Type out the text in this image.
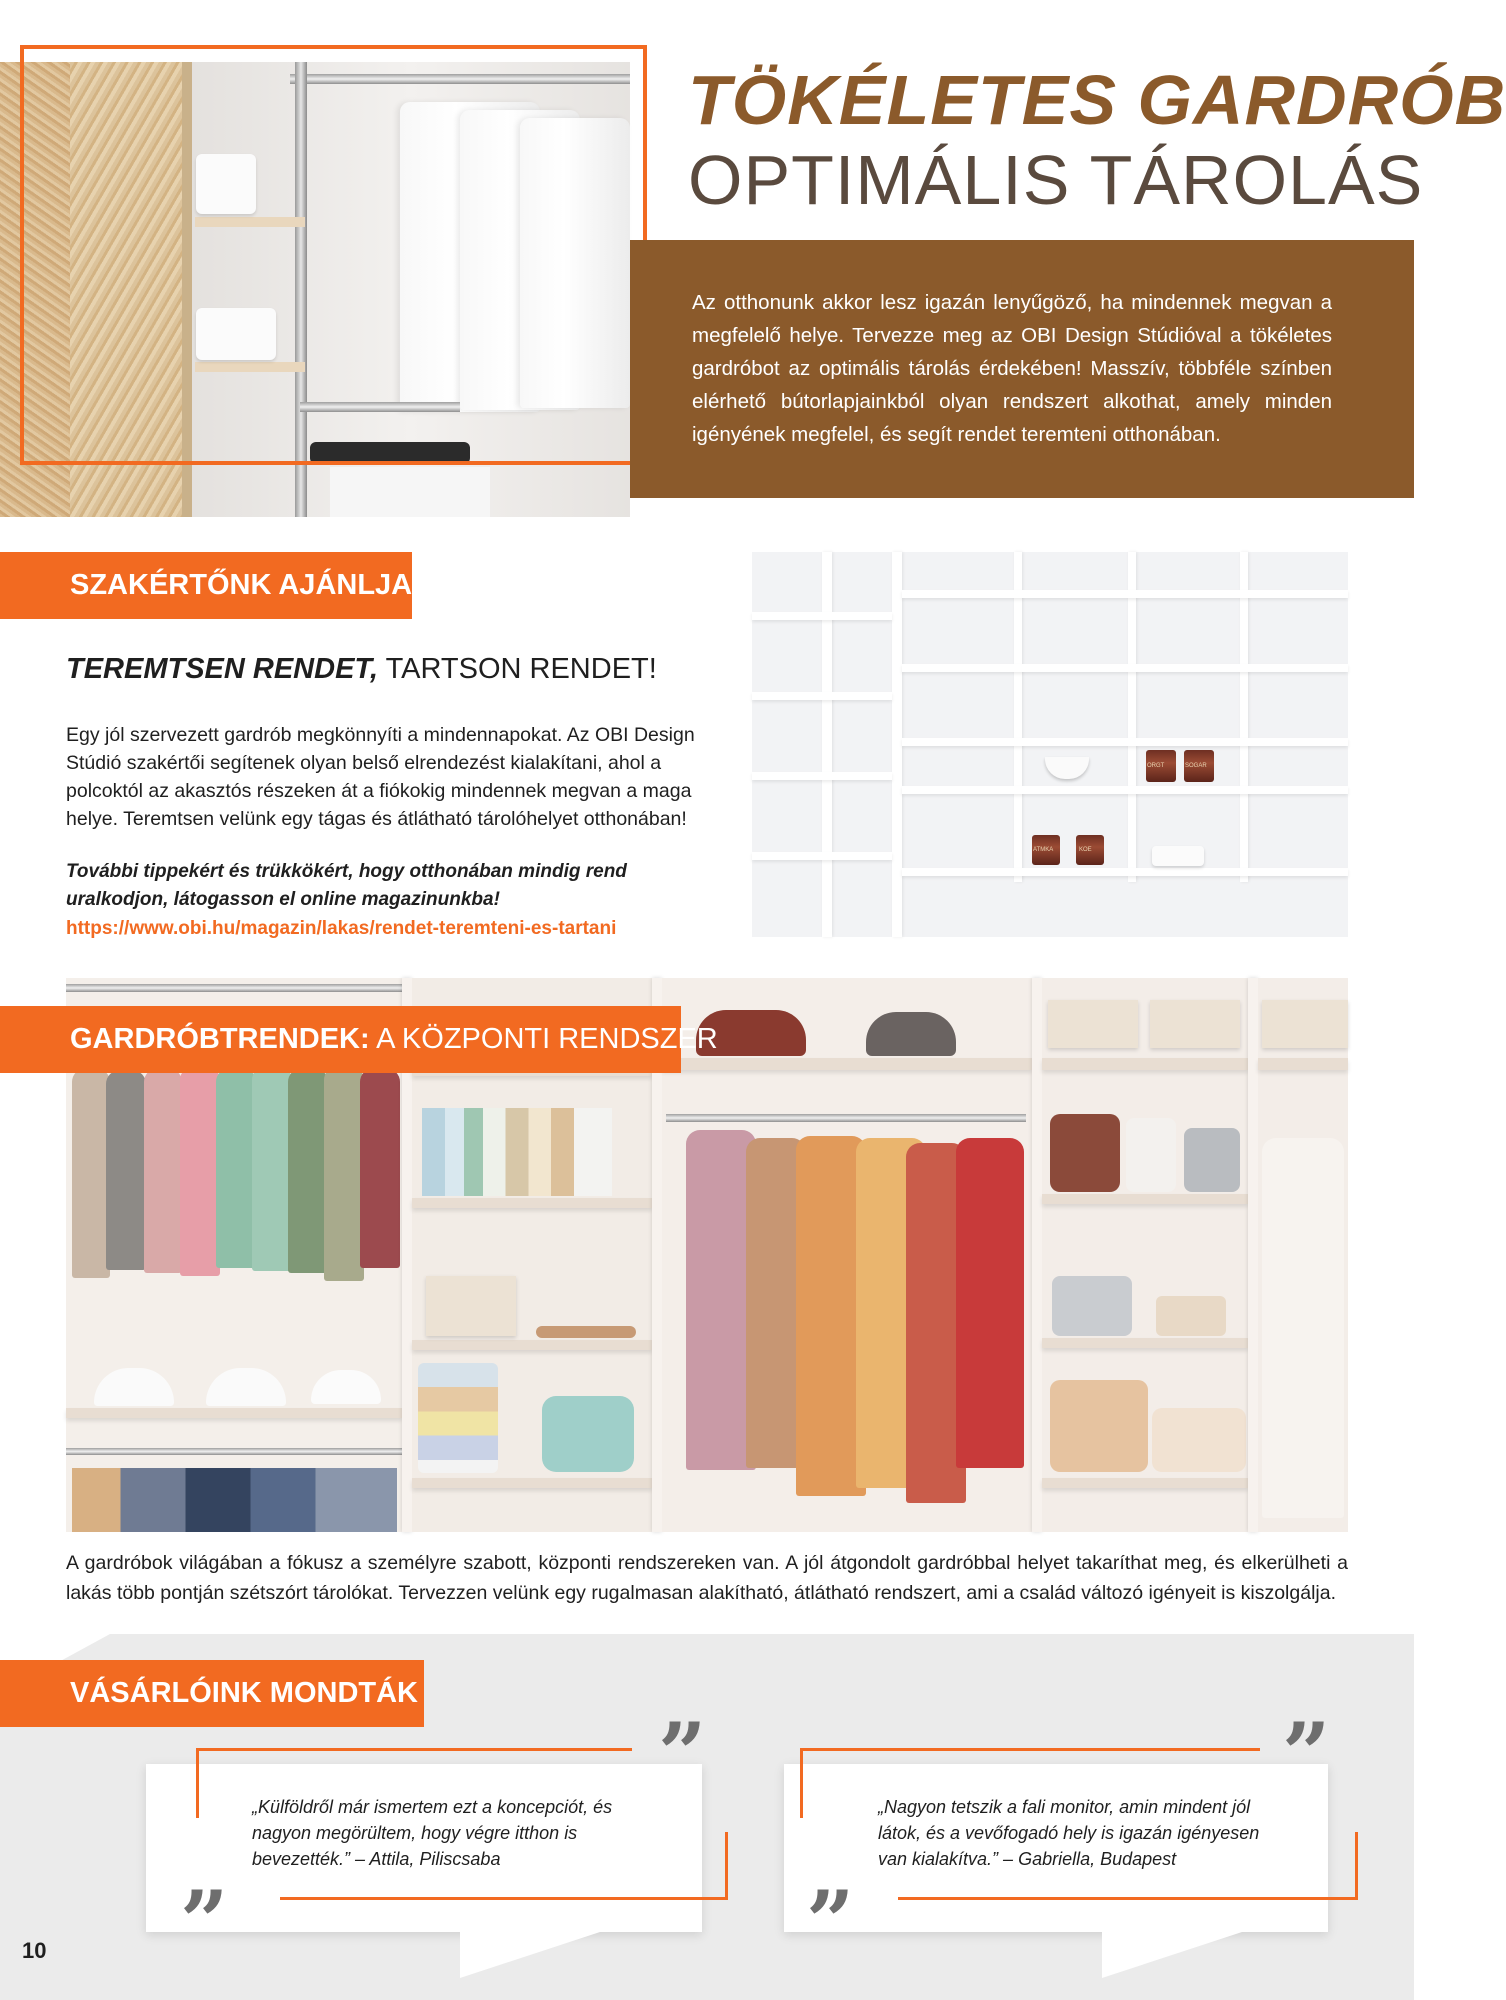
TÖKÉLETES GARDRÓB
OPTIMÁLIS TÁROLÁS
Az otthonunk akkor lesz igazán lenyűgöző, ha mindennek megvan a megfelelő helye. Tervezze meg az OBI Design Stúdióval a tökéletes gardróbot az optimális tárolás érdekében! Masszív, többféle színben elérhető bútorlapjainkból olyan rendszert alkothat, amely minden igényének megfelel, és segít rendet teremteni otthonában.
SZAKÉRTŐNK AJÁNLJA:
TEREMTSEN RENDET, TARTSON RENDET!
Egy jól szervezett gardrób megkönnyíti a mindennapokat. Az OBI Design Stúdió szakértői segítenek olyan belső elrendezést kialakítani, ahol a polcoktól az akasztós részeken át a fiókokig mindennek megvan a maga helye. Teremtsen velünk egy tágas és átlátható tárolóhelyet otthonában!
További tippekért és trükkökért, hogy otthonában mindig rend uralkodjon, látogasson el online magazinunkba!
https://www.obi.hu/magazin/lakas/rendet-teremteni-es-tartani
ORGT	SOGAR
ATMKA	KOE
GARDRÓBTRENDEK: A KÖZPONTI RENDSZER
A gardróbok világában a fókusz a személyre szabott, központi rendszereken van. A jól átgondolt gardróbbal helyet takaríthat meg, és elkerülheti a lakás több pontján szétszórt tárolókat. Tervezzen velünk egy rugalmasan alakítható, átlátható rendszert, ami a család változó igényeit is kiszolgálja.
VÁSÁRLÓINK MONDTÁK
”
”
„Külföldről már ismertem ezt a koncepciót, és nagyon megörültem, hogy végre itthon is bevezették.” – Attila, Piliscsaba
”
”
„Nagyon tetszik a fali monitor, amin mindent jól látok, és a vevőfogadó hely is igazán igényesen van kialakítva.” – Gabriella, Budapest
10
